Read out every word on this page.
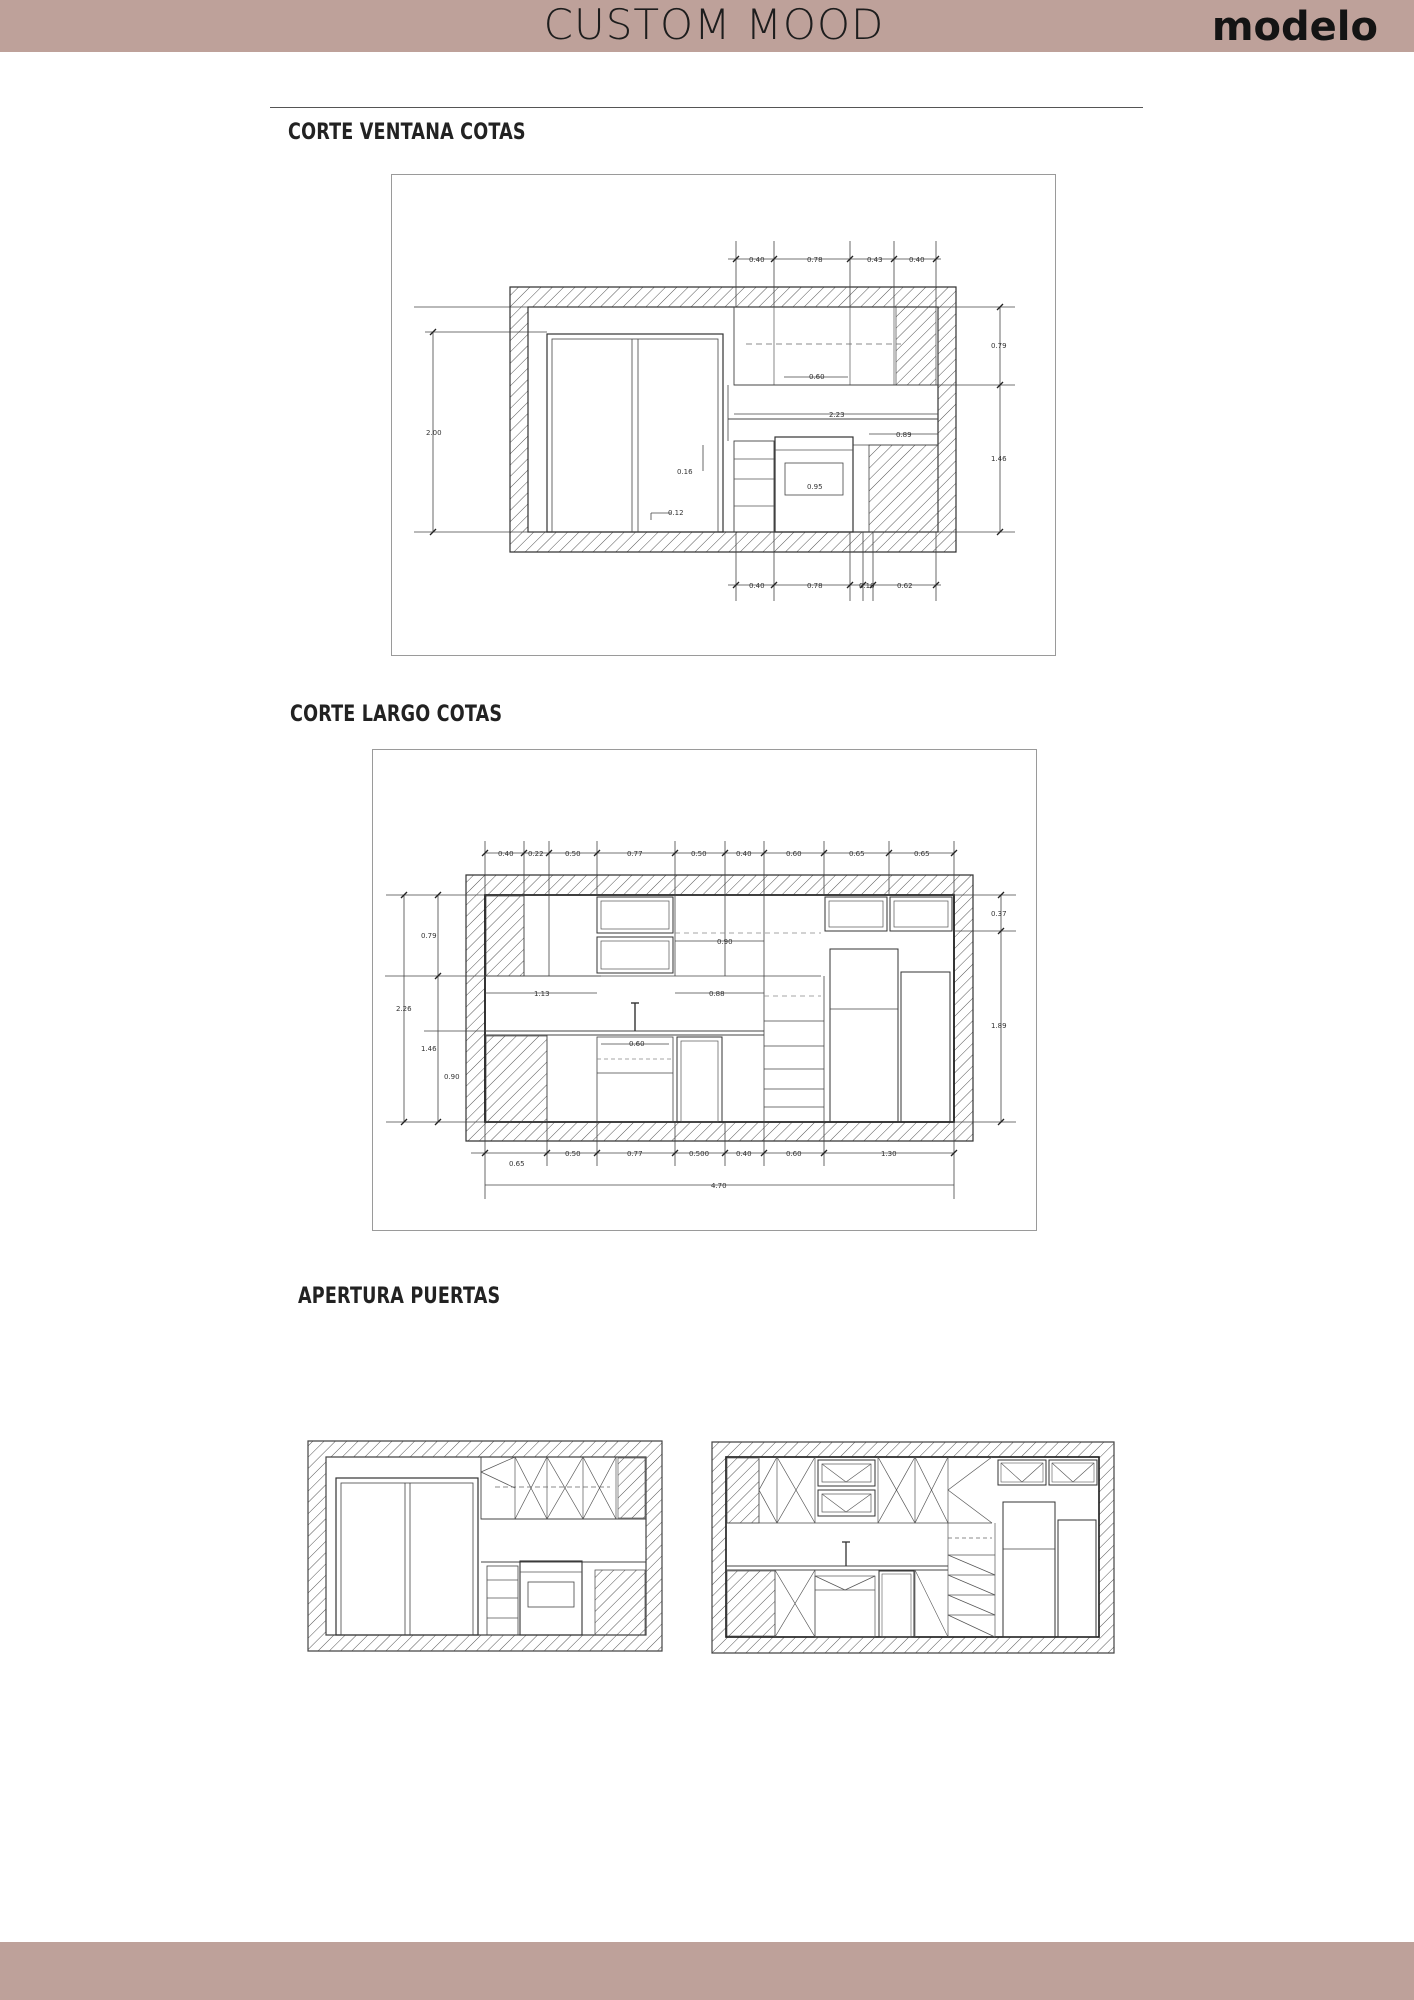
CUSTOM MOOD	modelo
CORTE VENTANA COTAS
0.40	0.78	0.43	0.40
0.40	0.78	0.10	0.62
2.00
0.79
1.46
0.60
2.23
0.89
0.16
0.95
0.12
CORTE LARGO COTAS
0.40 0.22	0.50	0.77	0.50	0.40	0.60	0.65	0.65
0.65
0.50	0.77	0.500	0.40	0.60	1.30
4.70
0.79
2.26
1.46
0.90
0.37
1.89
0.90
1.13	0.88
0.60
APERTURA PUERTAS
